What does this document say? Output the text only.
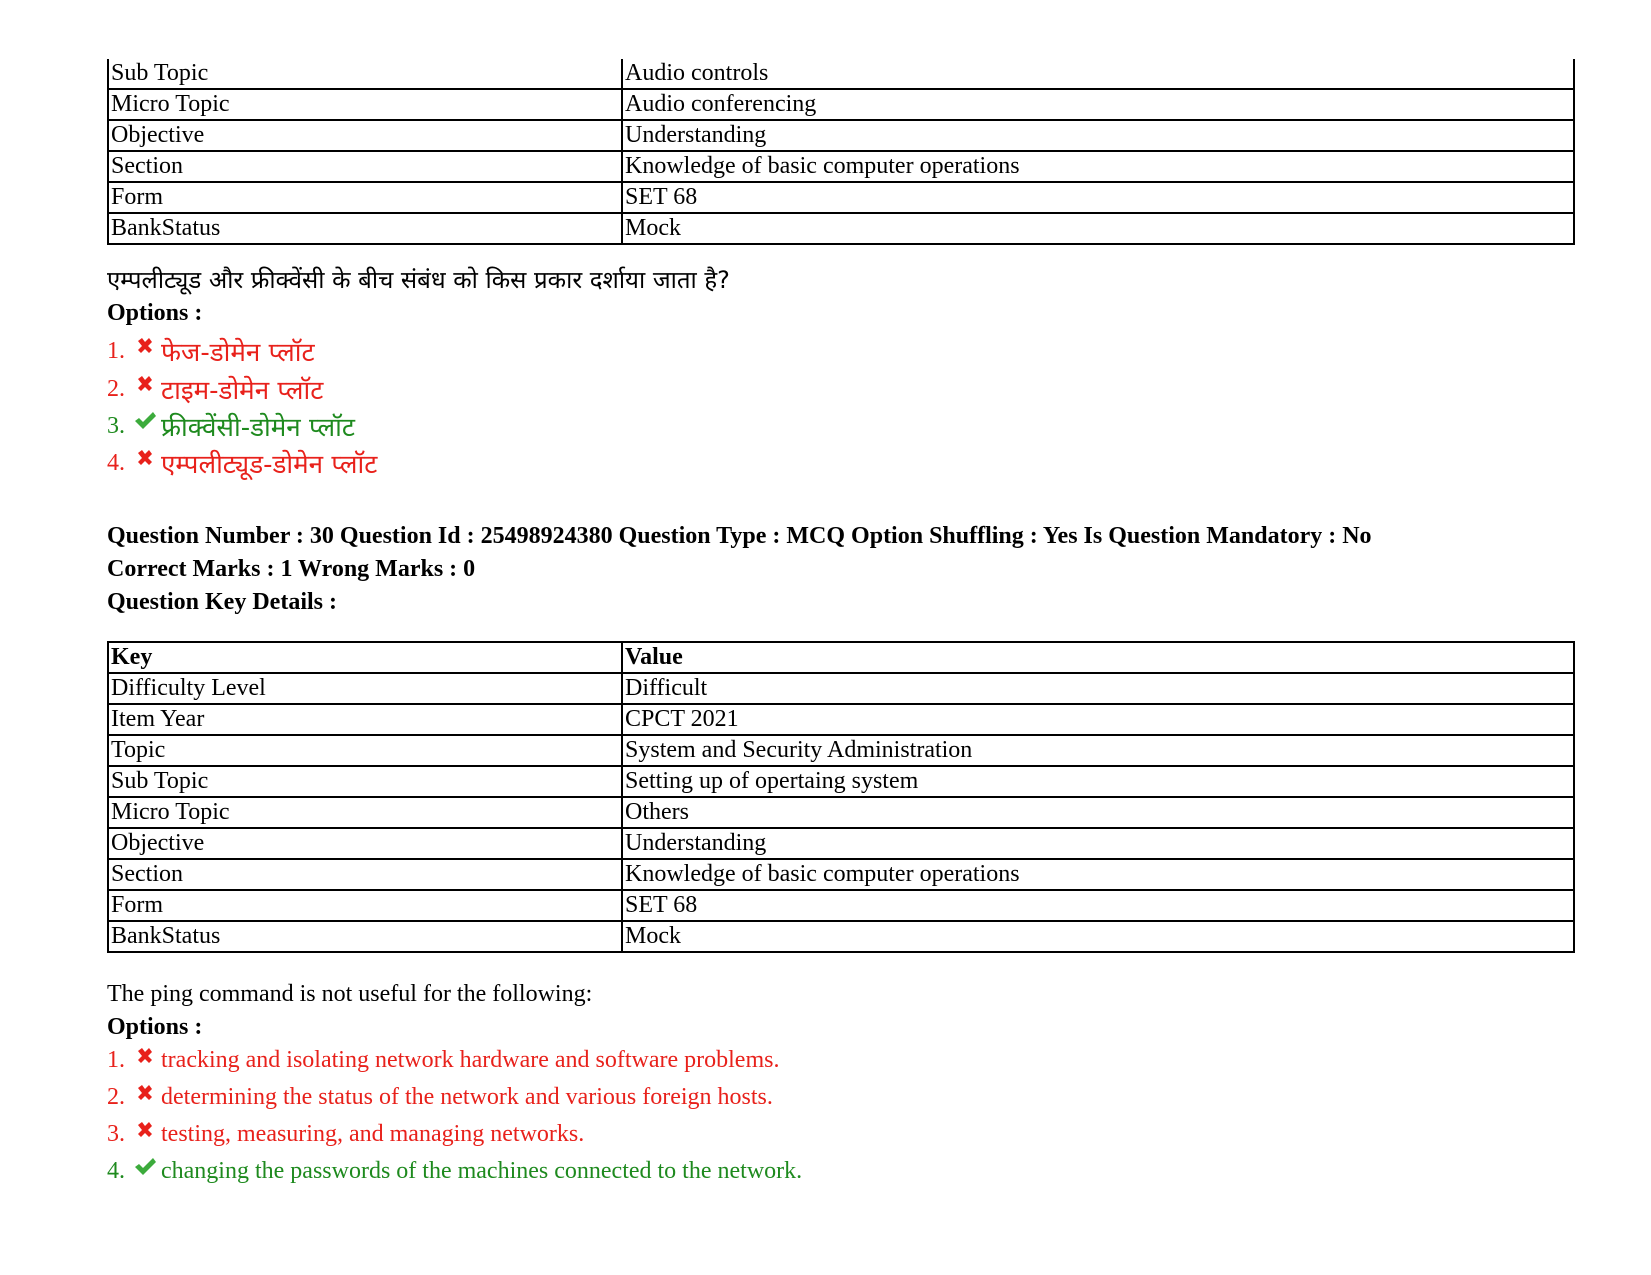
Sub Topic	Audio controls
Micro Topic	Audio conferencing
Objective	Understanding
Section	Knowledge of basic computer operations
Form	SET 68
BankStatus	Mock
एम्पलीट्यूड और फ्रीक्वेंसी के बीच संबंध को किस प्रकार दर्शाया जाता है?
Options :
1.	फेज-डोमेन प्लॉट
2.	टाइम-डोमेन प्लॉट
3.	फ्रीक्वेंसी-डोमेन प्लॉट
4.	एम्पलीट्यूड-डोमेन प्लॉट
Question Number : 30 Question Id : 25498924380 Question Type : MCQ Option Shuffling : Yes Is Question Mandatory : No
Correct Marks : 1 Wrong Marks : 0
Question Key Details :
Key	Value
Difficulty Level	Difficult
Item Year	CPCT 2021
Topic	System and Security Administration
Sub Topic	Setting up of opertaing system
Micro Topic	Others
Objective	Understanding
Section	Knowledge of basic computer operations
Form	SET 68
BankStatus	Mock
The ping command is not useful for the following:
Options :
1.	tracking and isolating network hardware and software problems.
2.	determining the status of the network and various foreign hosts.
3.	testing, measuring, and managing networks.
4.	changing the passwords of the machines connected to the network.
